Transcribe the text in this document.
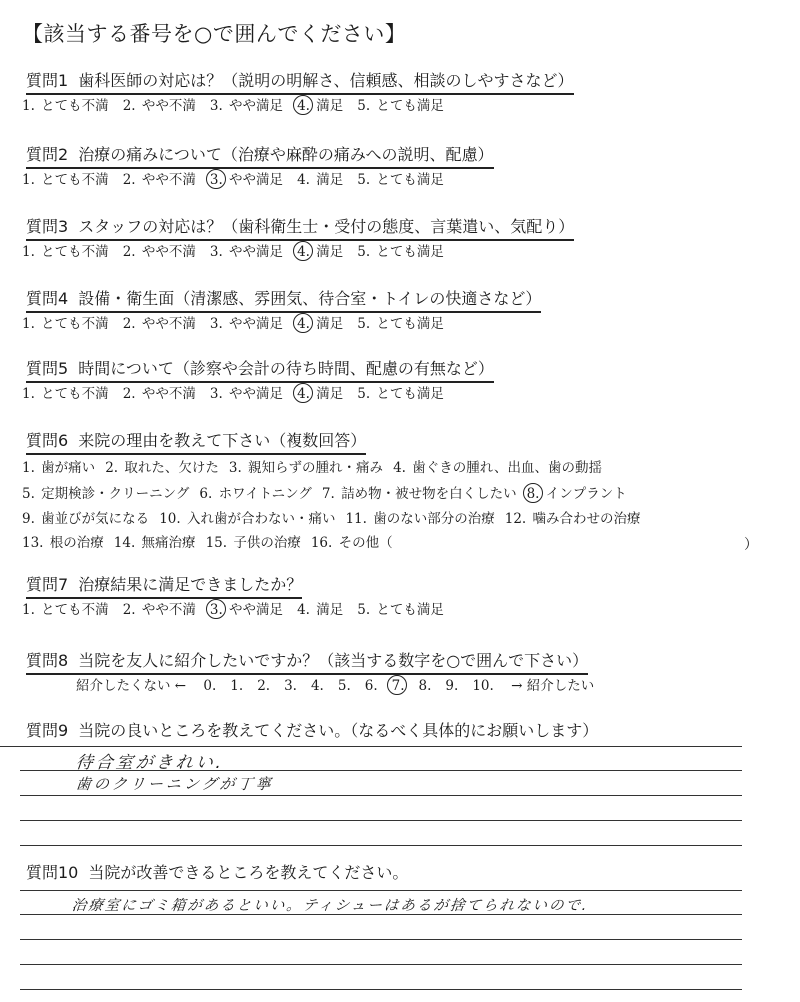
【該当する番号を○で囲んでください】
質問1 歯科医師の対応は？（説明の明解さ、信頼感、相談のしやすさなど）
1. とても不満 2. やや不満 3. やや満足 4. 満足 5. とても満足
質問2 治療の痛みについて（治療や麻酔の痛みへの説明、配慮）
1. とても不満 2. やや不満 3. やや満足 4. 満足 5. とても満足
質問3 スタッフの対応は？（歯科衛生士・受付の態度、言葉遣い、気配り）
1. とても不満 2. やや不満 3. やや満足 4. 満足 5. とても満足
質問4 設備・衛生面（清潔感、雰囲気、待合室・トイレの快適さなど）
1. とても不満 2. やや不満 3. やや満足 4. 満足 5. とても満足
質問5 時間について（診察や会計の待ち時間、配慮の有無など）
1. とても不満 2. やや不満 3. やや満足 4. 満足 5. とても満足
質問6 来院の理由を教えて下さい（複数回答）
1. 歯が痛い 2. 取れた、欠けた 3. 親知らずの腫れ・痛み 4. 歯ぐきの腫れ、出血、歯の動揺
5. 定期検診・クリーニング 6. ホワイトニング 7. 詰め物・被せ物を白くしたい 8. インプラント
9. 歯並びが気になる 10. 入れ歯が合わない・痛い 11. 歯のない部分の治療 12. 噛み合わせの治療
13. 根の治療 14. 無痛治療 15. 子供の治療 16. その他（	）
質問7 治療結果に満足できましたか？
1. とても不満 2. やや不満 3. やや満足 4. 満足 5. とても満足
質問8 当院を友人に紹介したいですか？（該当する数字を○で囲んで下さい）
紹介したくない ← 0. 1. 2. 3. 4. 5. 6. 7. 8. 9. 10. → 紹介したい
質問9 当院の良いところを教えてください。（なるべく具体的にお願いします）
待合室がきれい.
歯のクリーニングが丁寧
質問10 当院が改善できるところを教えてください。
治療室にゴミ箱があるといい。ティシューはあるが捨てられないので.
